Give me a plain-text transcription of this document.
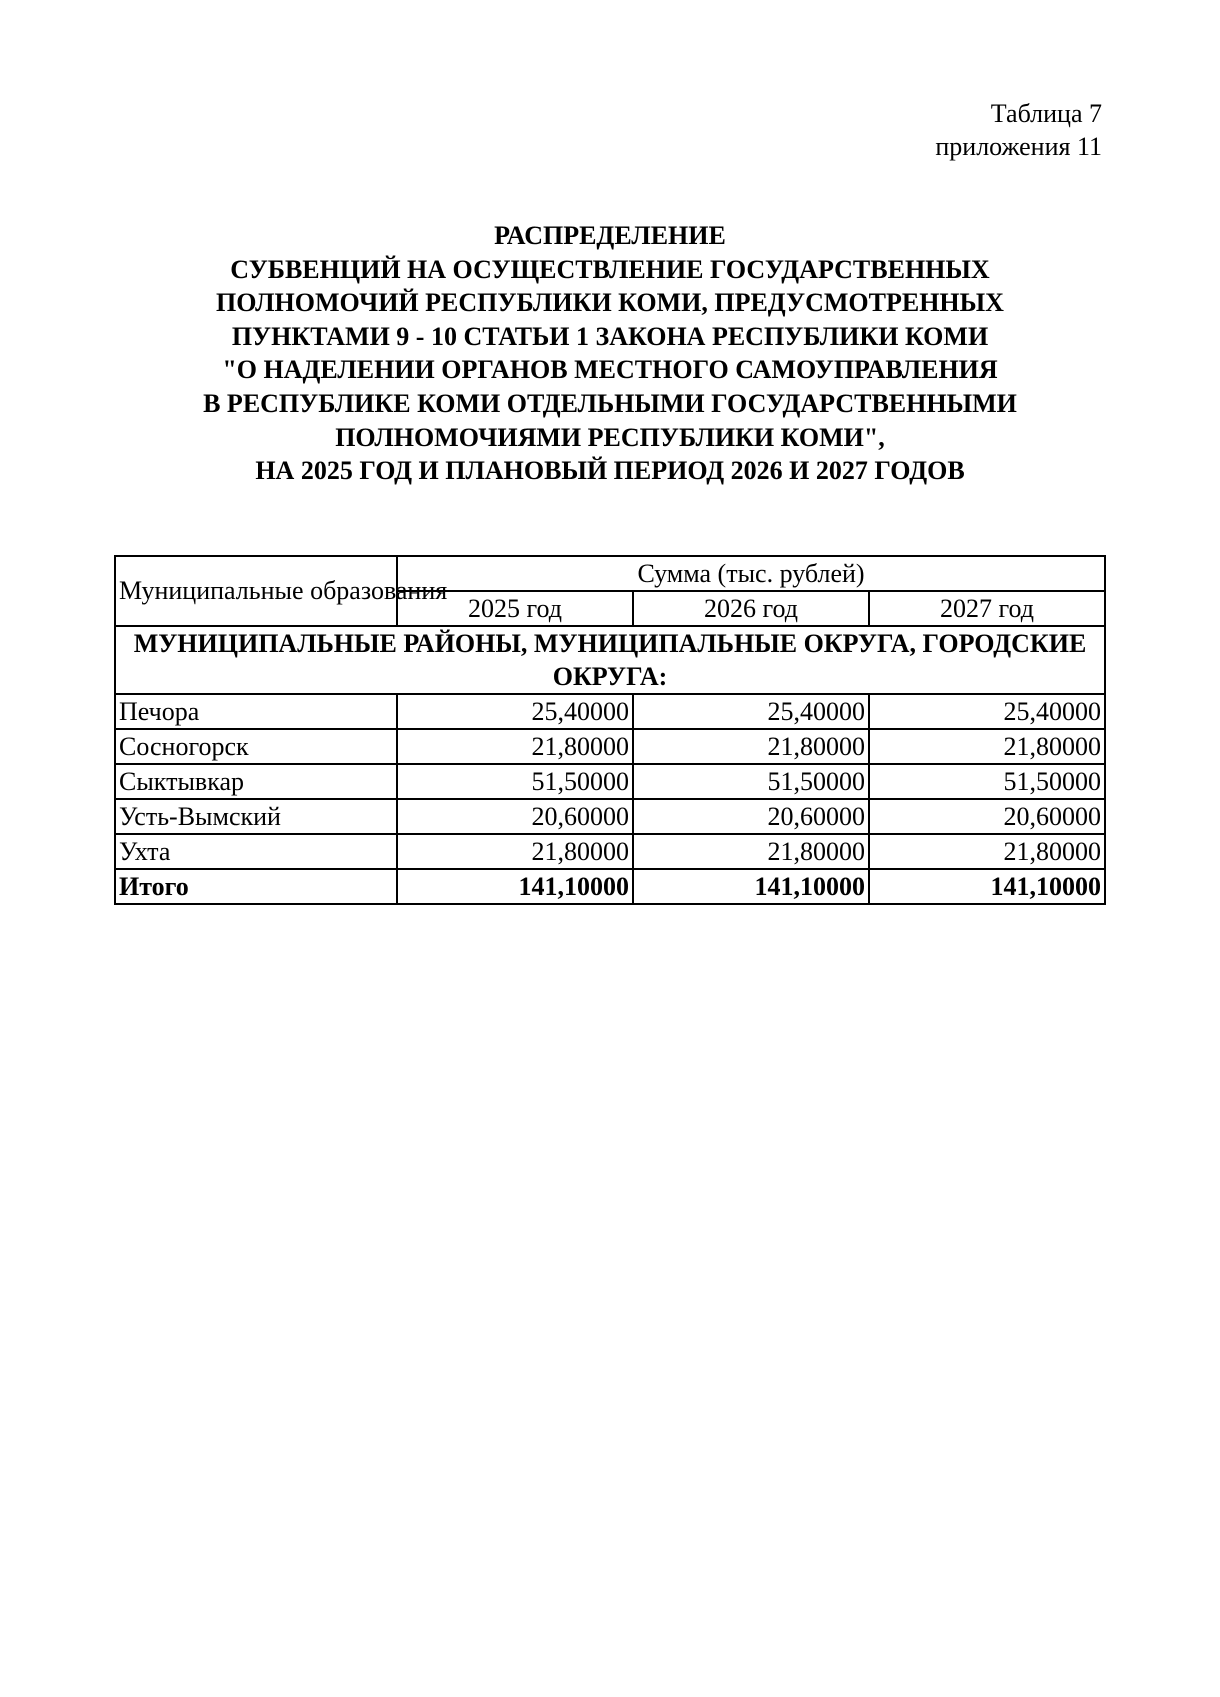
Таблица 7
приложения 11
РАСПРЕДЕЛЕНИЕ
СУБВЕНЦИЙ НА ОСУЩЕСТВЛЕНИЕ ГОСУДАРСТВЕННЫХ
ПОЛНОМОЧИЙ РЕСПУБЛИКИ КОМИ, ПРЕДУСМОТРЕННЫХ
ПУНКТАМИ 9 - 10 СТАТЬИ 1 ЗАКОНА РЕСПУБЛИКИ КОМИ
"О НАДЕЛЕНИИ ОРГАНОВ МЕСТНОГО САМОУПРАВЛЕНИЯ
В РЕСПУБЛИКЕ КОМИ ОТДЕЛЬНЫМИ ГОСУДАРСТВЕННЫМИ
ПОЛНОМОЧИЯМИ РЕСПУБЛИКИ КОМИ",
НА 2025 ГОД И ПЛАНОВЫЙ ПЕРИОД 2026 И 2027 ГОДОВ
Муниципальные образования	Сумма (тыс. рублей)		
	2025 год	2026 год	2027 год
МУНИЦИПАЛЬНЫЕ РАЙОНЫ, МУНИЦИПАЛЬНЫЕ ОКРУГА, ГОРОДСКИЕ ОКРУГА:			
Печора	25,40000	25,40000	25,40000
Сосногорск	21,80000	21,80000	21,80000
Сыктывкар	51,50000	51,50000	51,50000
Усть-Вымский	20,60000	20,60000	20,60000
Ухта	21,80000	21,80000	21,80000
Итого	141,10000	141,10000	141,10000
